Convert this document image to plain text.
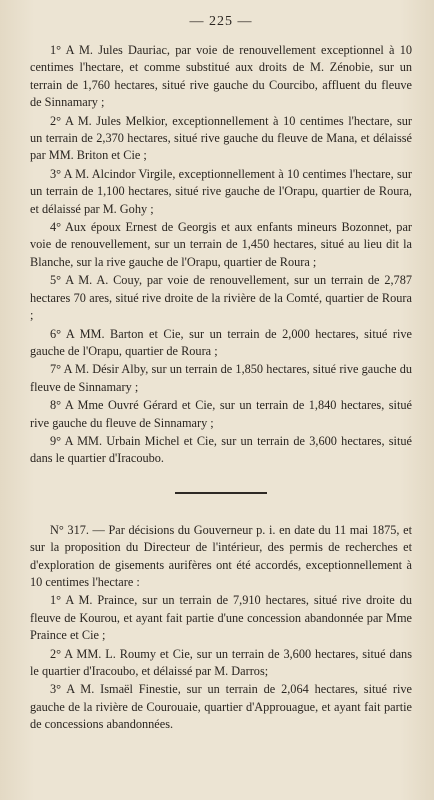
— 225 —

1° A M. Jules Dauriac, par voie de renouvellement exceptionnel à 10 centimes l'hectare, et comme substitué aux droits de M. Zénobie, sur un terrain de 1,760 hectares, situé rive gauche du Courcibo, affluent du fleuve de Sinnamary ;

2° A M. Jules Melkior, exceptionnellement à 10 centimes l'hectare, sur un terrain de 2,370 hectares, situé rive gauche du fleuve de Mana, et délaissé par MM. Briton et Cie ;

3° A M. Alcindor Virgile, exceptionnellement à 10 centimes l'hectare, sur un terrain de 1,100 hectares, situé rive gauche de l'Orapu, quartier de Roura, et délaissé par M. Gohy ;

4° Aux époux Ernest de Georgis et aux enfants mineurs Bozonnet, par voie de renouvellement, sur un terrain de 1,450 hectares, situé au lieu dit la Blanche, sur la rive gauche de l'Orapu, quartier de Roura ;

5° A M. A. Couy, par voie de renouvellement, sur un terrain de 2,787 hectares 70 ares, situé rive droite de la rivière de la Comté, quartier de Roura ;

6° A MM. Barton et Cie, sur un terrain de 2,000 hectares, situé rive gauche de l'Orapu, quartier de Roura ;

7° A M. Désir Alby, sur un terrain de 1,850 hectares, situé rive gauche du fleuve de Sinnamary ;

8° A Mme Ouvré Gérard et Cie, sur un terrain de 1,840 hectares, situé rive gauche du fleuve de Sinnamary ;

9° A MM. Urbain Michel et Cie, sur un terrain de 3,600 hectares, situé dans le quartier d'Iracoubo.

N° 317. — Par décisions du Gouverneur p. i. en date du 11 mai 1875, et sur la proposition du Directeur de l'intérieur, des permis de recherches et d'exploration de gisements aurifères ont été accordés, exceptionnellement à 10 centimes l'hectare :

1° A M. Praince, sur un terrain de 7,910 hectares, situé rive droite du fleuve de Kourou, et ayant fait partie d'une concession abandonnée par Mme Praince et Cie ;

2° A MM. L. Roumy et Cie, sur un terrain de 3,600 hectares, situé dans le quartier d'Iracoubo, et délaissé par M. Darros;

3° A M. Ismaël Finestie, sur un terrain de 2,064 hectares, situé rive gauche de la rivière de Courouaie, quartier d'Approuague, et ayant fait partie de concessions abandonnées.
